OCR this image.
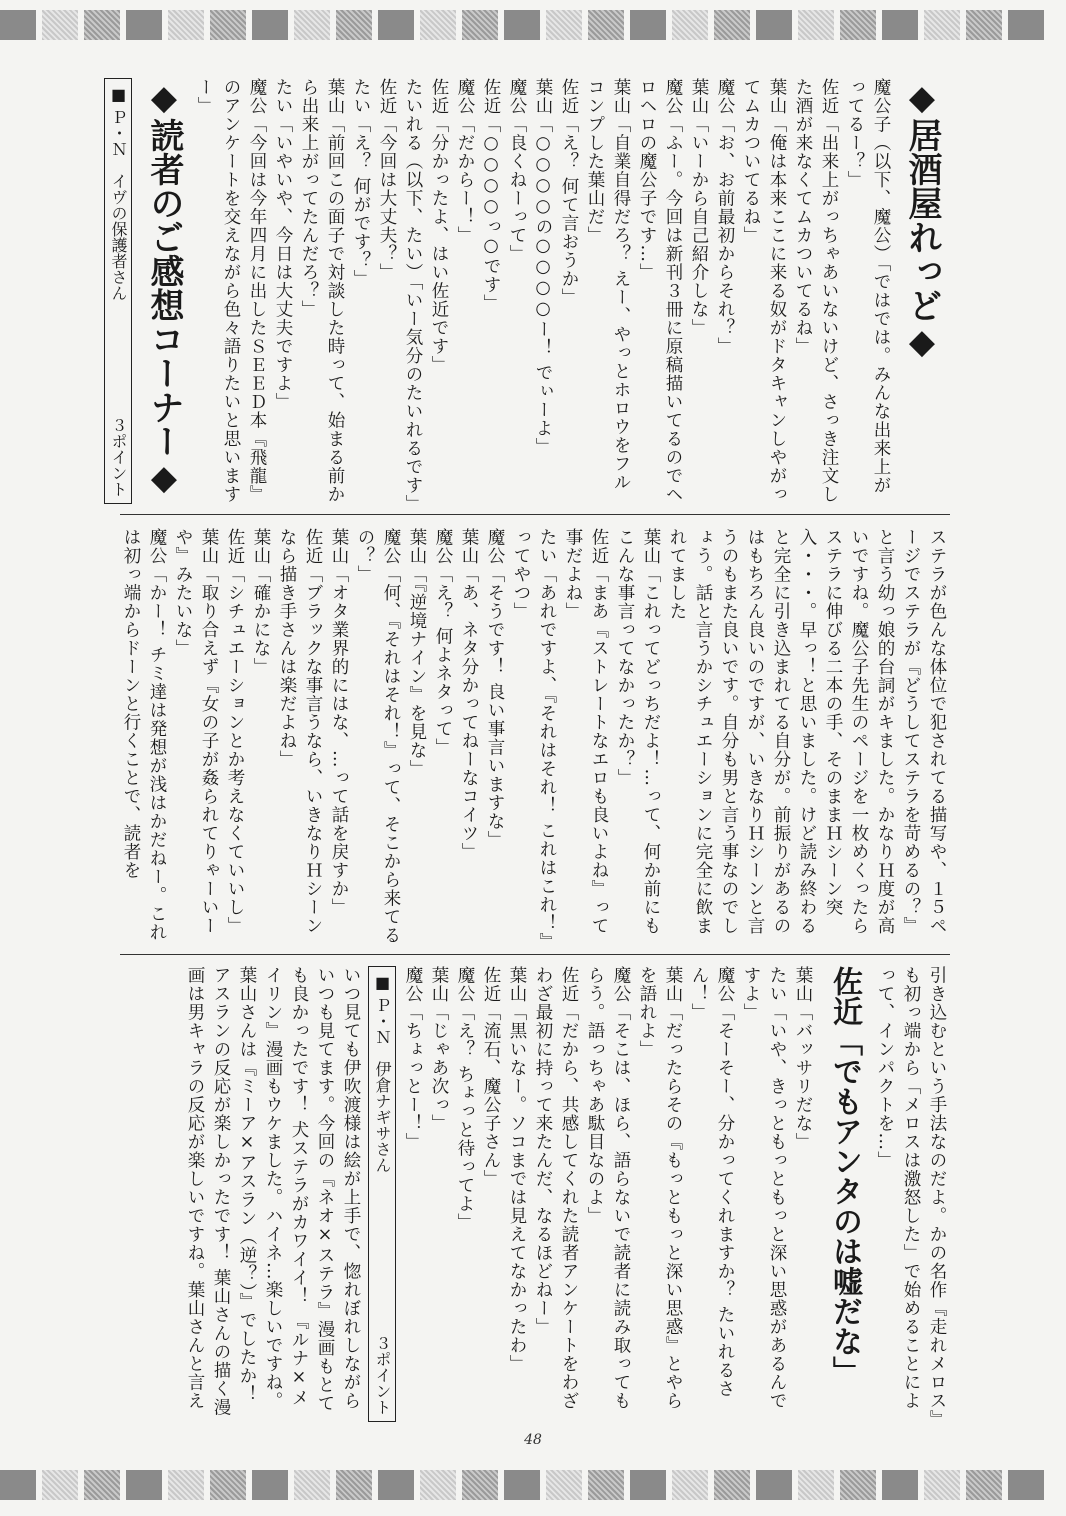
◆居酒屋れっど◆
魔公子（以下、魔公）「ではでは。みんな出来上がってるー？」
佐近「出来上がっちゃあいないけど、さっき注文した酒が来なくてムカついてるね」
葉山「俺は本来ここに来る奴がドタキャンしやがってムカついてるね」
魔公「お、お前最初からそれ？」
葉山「いーから自己紹介しな」
魔公「ふー。今回は新刊３冊に原稿描いてるのでヘロヘロの魔公子です…」
葉山「自業自得だろ？ えー、やっとホロウをフルコンプした葉山だ」
佐近「え？ 何て言おうか」
葉山「○○○○の○○○○ー！ でぃーよ」
魔公「良くねーって」
佐近「○○○○っ○です」
魔公「だからー！」
佐近「分かったよ、はい佐近です」
たいれる（以下、たい）「いー気分のたいれるです」
佐近「今回は大丈夫？」
たい「え？ 何がです？」
葉山「前回この面子で対談した時って、始まる前から出来上がってたんだろ？」
たい「いやいや、今日は大丈夫ですよ」
魔公「今回は今年四月に出したＳＥＥＤ本『飛龍』のアンケートを交えながら色々語りたいと思いますー」
◆読者のご感想コーナー◆
■ Ｐ・Ｎ　イヴの保護者さん
３ポイント
ステラが色んな体位で犯されてる描写や、１５ページでステラが『どうしてステラを苛めるの？』と言う幼っ娘的台詞がキました。かなりＨ度が高いですね。魔公子先生のページを一枚めくったらステラに伸びる二本の手、そのままＨシーン突入・・・。早っ！と思いました。けど読み終わると完全に引き込まれてる自分が。前振りがあるのはもちろん良いのですが、いきなりＨシーンと言うのもまた良いです。自分も男と言う事なのでしょう。話と言うかシチュエーションに完全に飲まれてました
葉山「これってどっちだよ！…って、何か前にもこんな事言ってなかったか？」
佐近「まあ『ストレートなエロも良いよね』って事だよね」
たい「あれですよ、『それはそれ！ これはこれ！』ってやつ」
魔公「そうです！ 良い事言いますな」
葉山「あ、ネタ分かってねーなコイツ」
魔公「え？ 何よネタって」
葉山「『逆境ナイン』を見な」
魔公「何、『それはそれ！』って、そこから来てるの？」
葉山「オタ業界的にはな、…って話を戻すか」
佐近「ブラックな事言うなら、いきなりＨシーンなら描き手さんは楽だよね」
葉山「確かにな」
佐近「シチュエーションとか考えなくていいし」
葉山「取り合えず『女の子が姦られてりゃーいーや』みたいな」
魔公「かー！ チミ達は発想が浅はかだねー。これは初っ端からドーンと行くことで、読者を
引き込むという手法なのだよ。かの名作『走れメロス』も初っ端から「メロスは激怒した」で始めることによって、インパクトを…」
佐近「でもアンタのは嘘だな」
葉山「バッサリだな」
たい「いや、きっともっともっと深い思惑があるんですよ」
魔公「そーそー、分かってくれますか？ たいれるさん！」
葉山「だったらその『もっともっと深い思惑』とやらを語れよ」
魔公「そこは、ほら、語らないで読者に読み取ってもらう。語っちゃあ駄目なのよ」
佐近「だから、共感してくれた読者アンケートをわざわざ最初に持って来たんだ、なるほどねー」
葉山「黒いなー。ソコまでは見えてなかったわ」
佐近「流石、魔公子さん」
魔公「え？ ちょっと待ってよ」
葉山「じゃあ次っ」
魔公「ちょっとー！」
■ Ｐ・Ｎ　伊倉ナギサさん
３ポイント
いつ見ても伊吹渡様は絵が上手で、惚れぼれしながらいつも見てます。今回の『ネオ×ステラ』漫画もとても良かったです！ 犬ステラがカワイイ！ 『ルナ×メイリン』漫画もウケました。ハイネ…楽しいですね。葉山さんは『ミーア×アスラン（逆？）』でしたか！ アスランの反応が楽しかったです！ 葉山さんの描く漫画は男キャラの反応が楽しいですね。葉山さんと言え
48
